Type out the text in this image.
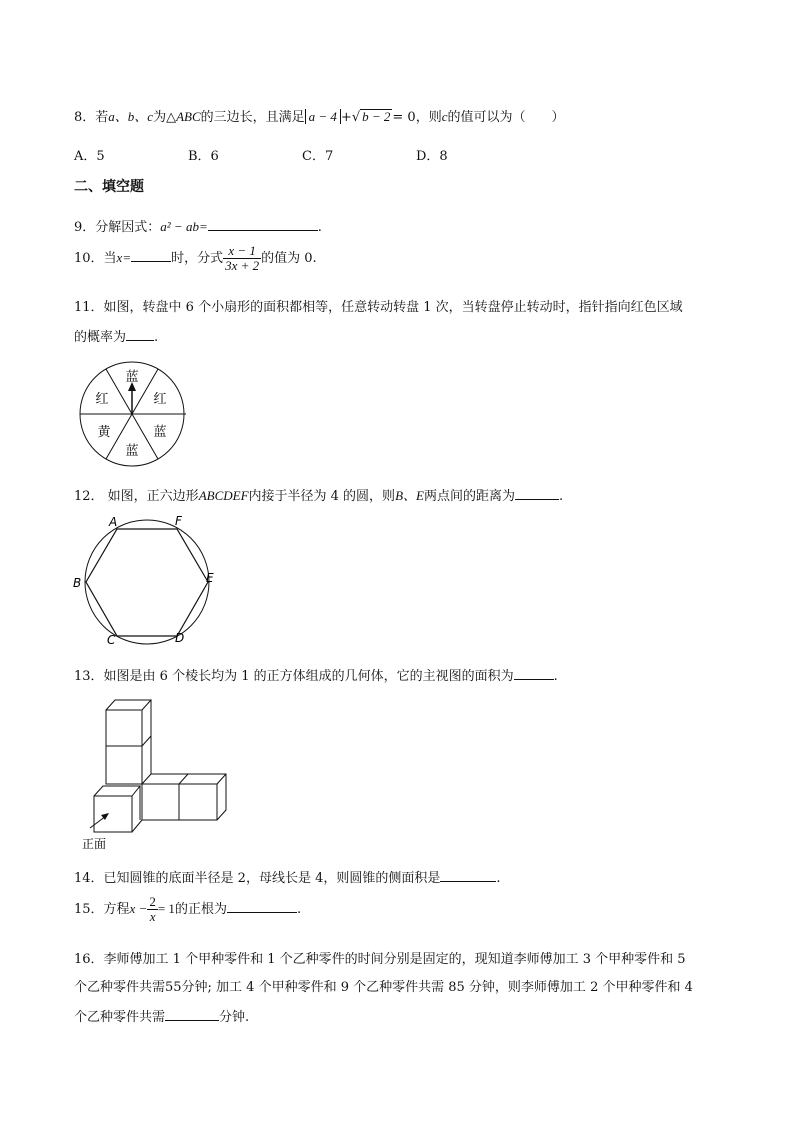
8．若a、b、c为△ABC的三边长，且满足 a − 4 +√ b − 2 = 0，则c的值可以为（　　）
A．5	B．6	C．7	D．8
二、填空题
9．分解因式：a² − ab=	.
10．当x=	时，分式 $\frac{x - 1}{3x + 2}$ 的值为 0.
11．如图，转盘中 6 个小扇形的面积都相等，任意转动转盘 1 次，当转盘停止转动时，指针指向红色区域
的概率为 .
蓝
红
蓝
蓝
黄
红
12． 如图，正六边形ABCDEF内接于半径为 4 的圆，则B、E两点间的距离为	.
A	F
B	E
C	D
13．如图是由 6 个棱长均为 1 的正方体组成的几何体，它的主视图的面积为	.
正面
14．已知圆锥的底面半径是 2，母线长是 4，则圆锥的侧面积是	.
15．方程$x - \frac{2}{x} = 1$的正根为	.
16．李师傅加工 1 个甲种零件和 1 个乙种零件的时间分别是固定的，现知道李师傅加工 3 个甲种零件和 5
个乙种零件共需55分钟; 加工 4 个甲种零件和 9 个乙种零件共需 85 分钟，则李师傅加工 2 个甲种零件和 4
个乙种零件共需	分钟.
